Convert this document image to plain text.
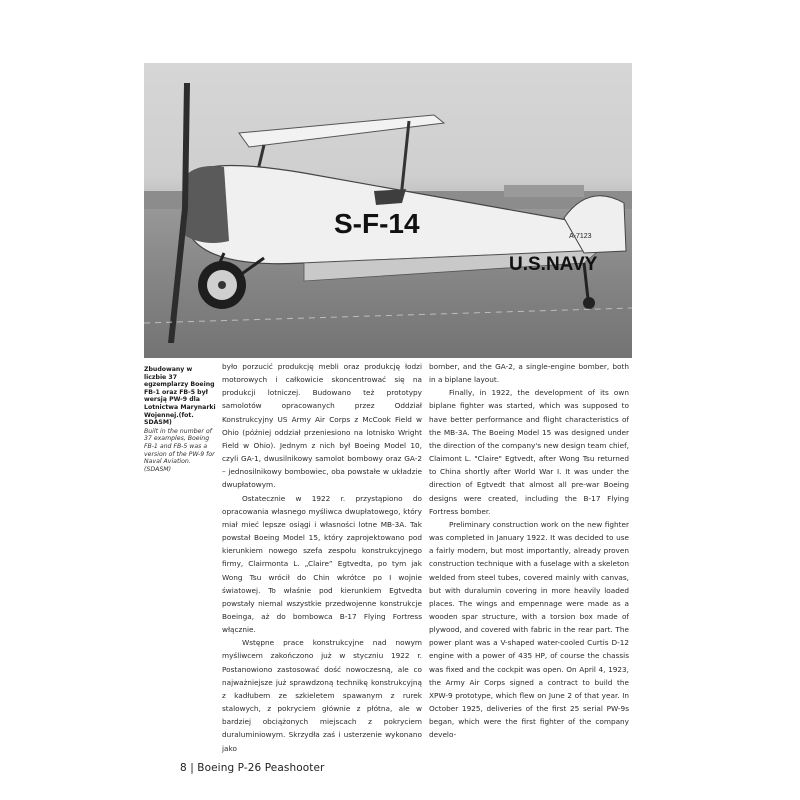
S-F-14
U.S.NAVY
A-7123
Zbudowany w liczbie 37 egzemplarzy Boeing FB-1 oraz FB-5 był wersją PW-9 dla Lotnictwa Marynarki Wojennej.(fot. SDASM)
Built in the number of 37 examples, Boeing FB-1 and FB-5 was a version of the PW-9 for Naval Aviation. (SDASM)

było porzucić produkcję mebli oraz produkcję łodzi motorowych i całkowicie skoncentrować się na produkcji lotniczej. Budowano też prototypy samolotów opracowanych przez Oddział Konstrukcyjny US Army Air Corps z McCook Field w Ohio (później oddział przeniesiono na lotnisko Wright Field w Ohio). Jednym z nich był Boeing Model 10, czyli GA-1, dwusilnikowy samolot bombowy oraz GA-2 – jednosilnikowy bombowiec, oba powstałe w układzie dwupłatowym.

Ostatecznie w 1922 r. przystąpiono do opracowania własnego myśliwca dwupłatowego, który miał mieć lepsze osiągi i własności lotne MB-3A. Tak powstał Boeing Model 15, który zaprojektowano pod kierunkiem nowego szefa zespołu konstrukcyjnego firmy, Clairmonta L. „Claire” Egtvedta, po tym jak Wong Tsu wrócił do Chin wkrótce po I wojnie światowej. To właśnie pod kierunkiem Egtvedta powstały niemal wszystkie przedwojenne konstrukcje Boeinga, aż do bombowca B-17 Flying Fortress włącznie.

Wstępne prace konstrukcyjne nad nowym myśliwcem zakończono już w styczniu 1922 r. Postanowiono zastosować dość nowoczesną, ale co najważniejsze już sprawdzoną technikę konstrukcyjną z kadłubem ze szkieletem spawanym z rurek stalowych, z pokryciem głównie z płótna, ale w bardziej obciążonych miejscach z pokryciem duraluminiowym. Skrzydła zaś i usterzenie wykonano jako

bomber, and the GA-2, a single-engine bomber, both in a biplane layout.

Finally, in 1922, the development of its own biplane fighter was started, which was supposed to have better performance and flight characteristics of the MB-3A. The Boeing Model 15 was designed under the direction of the company's new design team chief, Claimont L. "Claire" Egtvedt, after Wong Tsu returned to China shortly after World War I. It was under the direction of Egtvedt that almost all pre-war Boeing designs were created, including the B-17 Flying Fortress bomber.

Preliminary construction work on the new fighter was completed in January 1922. It was decided to use a fairly modern, but most importantly, already proven construction technique with a fuselage with a skeleton welded from steel tubes, covered mainly with canvas, but with duralumin covering in more heavily loaded places. The wings and empennage were made as a wooden spar structure, with a torsion box made of plywood, and covered with fabric in the rear part. The power plant was a V-shaped water-cooled Curtis D-12 engine with a power of 435 HP, of course the chassis was fixed and the cockpit was open. On April 4, 1923, the Army Air Corps signed a contract to build the XPW-9 prototype, which flew on June 2 of that year. In October 1925, deliveries of the first 25 serial PW-9s began, which were the first fighter of the company develo-

8 | Boeing P-26 Peashooter
